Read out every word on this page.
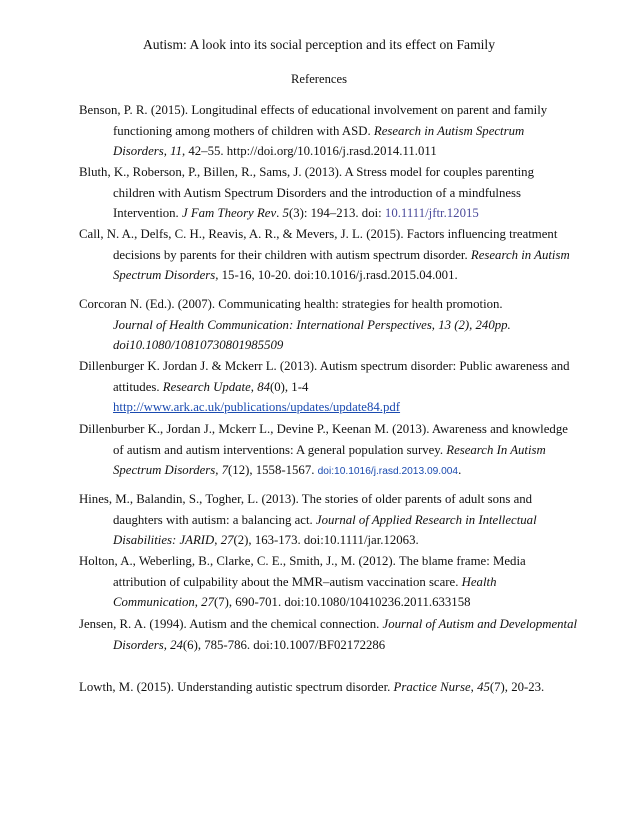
Autism: A look into its social perception and its effect on Family
References
Benson, P. R. (2015). Longitudinal effects of educational involvement on parent and family
functioning among mothers of children with ASD. Research in Autism Spectrum
Disorders, 11, 42–55. http://doi.org/10.1016/j.rasd.2014.11.011
Bluth, K., Roberson, P., Billen, R., Sams, J. (2013). A Stress model for couples parenting
children with Autism Spectrum Disorders and the introduction of a mindfulness
Intervention. J Fam Theory Rev. 5(3): 194–213. doi: 10.1111/jftr.12015
Call, N. A., Delfs, C. H., Reavis, A. R., & Mevers, J. L. (2015). Factors influencing treatment
decisions by parents for their children with autism spectrum disorder. Research in Autism
Spectrum Disorders, 15-16, 10-20. doi:10.1016/j.rasd.2015.04.001.
Corcoran N. (Ed.). (2007). Communicating health: strategies for health promotion.
Journal of Health Communication: International Perspectives, 13 (2), 240pp.
doi10.1080/10810730801985509
Dillenburger K. Jordan J. & Mckerr L. (2013). Autism spectrum disorder: Public awareness and
attitudes. Research Update, 84(0), 1-4
http://www.ark.ac.uk/publications/updates/update84.pdf
Dillenburber K., Jordan J., Mckerr L., Devine P., Keenan M. (2013). Awareness and knowledge
of autism and autism interventions: A general population survey. Research In Autism
Spectrum Disorders, 7(12), 1558-1567. doi:10.1016/j.rasd.2013.09.004.
Hines, M., Balandin, S., Togher, L. (2013). The stories of older parents of adult sons and
daughters with autism: a balancing act. Journal of Applied Research in Intellectual
Disabilities: JARID, 27(2), 163-173. doi:10.1111/jar.12063.
Holton, A., Weberling, B., Clarke, C. E., Smith, J., M. (2012). The blame frame: Media
attribution of culpability about the MMR–autism vaccination scare. Health
Communication, 27(7), 690-701. doi:10.1080/10410236.2011.633158
Jensen, R. A. (1994). Autism and the chemical connection. Journal of Autism and Developmental
Disorders, 24(6), 785-786. doi:10.1007/BF02172286
Lowth, M. (2015). Understanding autistic spectrum disorder. Practice Nurse, 45(7), 20-23.
